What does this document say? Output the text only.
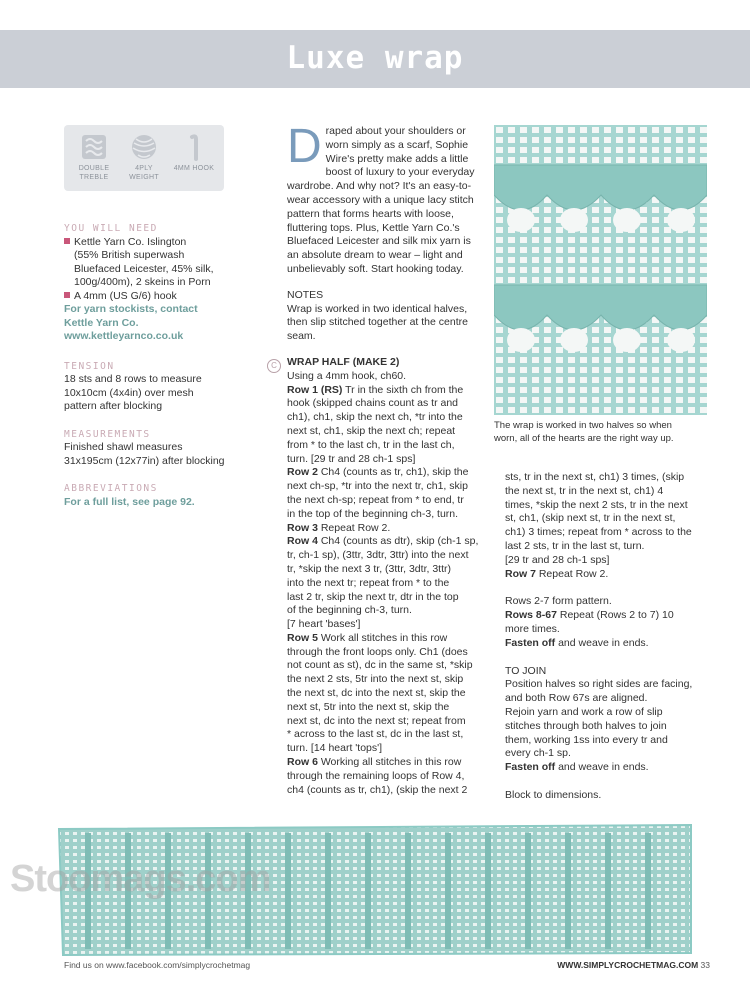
Luxe wrap
DOUBLE TREBLE
4PLY WEIGHT
4MM HOOK

YOU WILL NEED

Kettle Yarn Co. Islington

(55% British superwash

Bluefaced Leicester, 45% silk,

100g/400m), 2 skeins in Porn

A 4mm (US G/6) hook

For yarn stockists, contact

Kettle Yarn Co.

www.kettleyarnco.co.uk

TENSION

18 sts and 8 rows to measure

10x10cm (4x4in) over mesh

pattern after blocking

MEASUREMENTS

Finished shawl measures

31x195cm (12x77in) after blocking

ABBREVIATIONS

For a full list, see page 92.

D raped about your shoulders or

worn simply as a scarf, Sophie

Wire's pretty make adds a little

boost of luxury to your everyday

wardrobe. And why not? It's an easy-to-

wear accessory with a unique lacy stitch

pattern that forms hearts with loose,

fluttering tops. Plus, Kettle Yarn Co.'s

Bluefaced Leicester and silk mix yarn is

an absolute dream to wear – light and

unbelievably soft. Start hooking today.

NOTES

Wrap is worked in two identical halves,

then slip stitched together at the centre

seam.

WRAP HALF (MAKE 2)

Using a 4mm hook, ch60.

Row 1 (RS) Tr in the sixth ch from the

hook (skipped chains count as tr and

ch1), ch1, skip the next ch, *tr into the

next st, ch1, skip the next ch; repeat

from * to the last ch, tr in the last ch,

turn. [29 tr and 28 ch-1 sps]

Row 2 Ch4 (counts as tr, ch1), skip the

next ch-sp, *tr into the next tr, ch1, skip

the next ch-sp; repeat from * to end, tr

in the top of the beginning ch-3, turn.

Row 3 Repeat Row 2.

Row 4 Ch4 (counts as dtr), skip (ch-1 sp,

tr, ch-1 sp), (3ttr, 3dtr, 3ttr) into the next

tr, *skip the next 3 tr, (3ttr, 3dtr, 3ttr)

into the next tr; repeat from * to the

last 2 tr, skip the next tr, dtr in the top

of the beginning ch-3, turn.

[7 heart 'bases']

Row 5 Work all stitches in this row

through the front loops only. Ch1 (does

not count as st), dc in the same st, *skip

the next 2 sts, 5tr into the next st, skip

the next st, dc into the next st, skip the

next st, 5tr into the next st, skip the

next st, dc into the next st; repeat from

* across to the last st, dc in the last st,

turn. [14 heart 'tops']

Row 6 Working all stitches in this row

through the remaining loops of Row 4,

ch4 (counts as tr, ch1), (skip the next 2

C

The wrap is worked in two halves so when

worn, all of the hearts are the right way up.

sts, tr in the next st, ch1) 3 times, (skip

the next st, tr in the next st, ch1) 4

times, *skip the next 2 sts, tr in the next

st, ch1, (skip next st, tr in the next st,

ch1) 3 times; repeat from * across to the

last 2 sts, tr in the last st, turn.

[29 tr and 28 ch-1 sps]

Row 7 Repeat Row 2.

Rows 2-7 form pattern.

Rows 8-67 Repeat (Rows 2 to 7) 10

more times.

Fasten off and weave in ends.

TO JOIN

Position halves so right sides are facing,

and both Row 67s are aligned.

Rejoin yarn and work a row of slip

stitches through both halves to join

them, working 1ss into every tr and

every ch-1 sp.

Fasten off and weave in ends.

Block to dimensions.

Stoomags.com
Find us on www.facebook.com/simplycrochetmag	WWW.SIMPLYCROCHETMAG.COM 33
